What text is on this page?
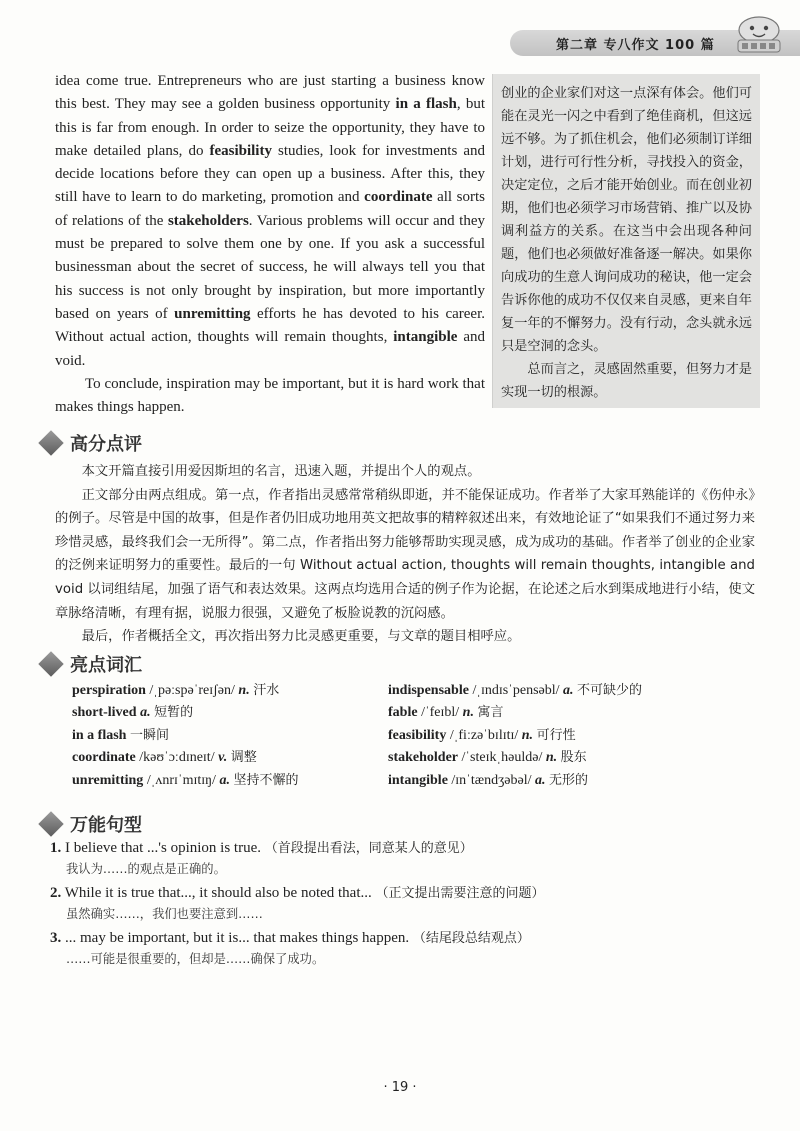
第二章 专八作文 100 篇

idea come true. Entrepreneurs who are just starting a business know this best. They may see a golden business opportunity in a flash, but this is far from enough. In order to seize the opportunity, they have to make detailed plans, do feasibility studies, look for investments and decide locations before they can open up a business. After this, they still have to learn to do marketing, promotion and coordinate all sorts of relations of the stakeholders. Various problems will occur and they must be prepared to solve them one by one. If you ask a successful businessman about the secret of success, he will always tell you that his success is not only brought by inspiration, but more importantly based on years of unremitting efforts he has devoted to his career. Without actual action, thoughts will remain thoughts, intangible and void.

To conclude, inspiration may be important, but it is hard work that makes things happen.

创业的企业家们对这一点深有体会。他们可能在灵光一闪之中看到了绝佳商机，但这远远不够。为了抓住机会，他们必须制订详细计划，进行可行性分析，寻找投入的资金，决定定位，之后才能开始创业。而在创业初期，他们也必须学习市场营销、推广以及协调利益方的关系。在这当中会出现各种问题，他们也必须做好准备逐一解决。如果你向成功的生意人询问成功的秘诀，他一定会告诉你他的成功不仅仅来自灵感，更来自年复一年的不懈努力。没有行动，念头就永远只是空洞的念头。

总而言之，灵感固然重要，但努力才是实现一切的根源。

高分点评

本文开篇直接引用爱因斯坦的名言，迅速入题，并提出个人的观点。

正文部分由两点组成。第一点，作者指出灵感常常稍纵即逝，并不能保证成功。作者举了大家耳熟能详的《伤仲永》的例子。尽管是中国的故事，但是作者仍旧成功地用英文把故事的精粹叙述出来，有效地论证了“如果我们不通过努力来珍惜灵感，最终我们会一无所得”。第二点，作者指出努力能够帮助实现灵感，成为成功的基础。作者举了创业的企业家的泛例来证明努力的重要性。最后的一句 Without actual action, thoughts will remain thoughts, intangible and void 以词组结尾，加强了语气和表达效果。这两点均选用合适的例子作为论据，在论述之后水到渠成地进行小结，使文章脉络清晰，有理有据，说服力很强，又避免了板脸说教的沉闷感。

最后，作者概括全文，再次指出努力比灵感更重要，与文章的题目相呼应。

亮点词汇
perspiration /ˌpəːspəˈreɪʃən/ n. 汗水	indispensable /ˌɪndɪsˈpensəbl/ a. 不可缺少的
short-lived a. 短暂的	fable /ˈfeɪbl/ n. 寓言
in a flash 一瞬间	feasibility /ˌfiːzəˈbɪlɪtɪ/ n. 可行性
coordinate /kəʊˈɔːdɪneɪt/ v. 调整	stakeholder /ˈsteɪkˌhəuldə/ n. 股东
unremitting /ˌʌnrɪˈmɪtɪŋ/ a. 坚持不懈的	intangible /ɪnˈtændʒəbəl/ a. 无形的
万能句型
1. I believe that ...'s opinion is true. （首段提出看法，同意某人的意见）
我认为……的观点是正确的。
2. While it is true that..., it should also be noted that... （正文提出需要注意的问题）
虽然确实……，我们也要注意到……
3. ... may be important, but it is... that makes things happen. （结尾段总结观点）
……可能是很重要的，但却是……确保了成功。
· 19 ·
